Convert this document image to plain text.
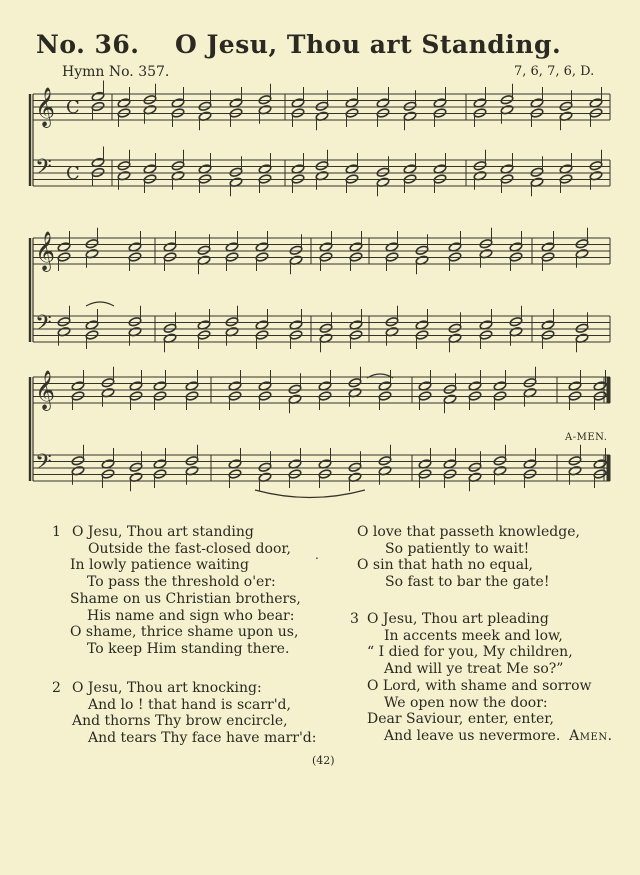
No. 36. O Jesu, Thou art Standing.
Hymn No. 357.	7, 6, 7, 6, D.
𝄞
𝄢
C
C
𝄞
𝄢
𝄞
𝄢
A-MEN.
1 O Jesu, Thou art standing
Outside the fast-closed door,
In lowly patience waiting
To pass the threshold o'er:
Shame on us Christian brothers,
His name and sign who bear:
O shame, thrice shame upon us,
To keep Him standing there.
.
O love that passeth knowledge,
So patiently to wait!
O sin that hath no equal,
So fast to bar the gate!
2 O Jesu, Thou art knocking:
And lo ! that hand is scarr'd,
And thorns Thy brow encircle,
And tears Thy face have marr'd:
3 O Jesu, Thou art pleading
In accents meek and low,
“ I died for you, My children,
And will ye treat Me so?”
O Lord, with shame and sorrow
We open now the door:
Dear Saviour, enter, enter,
And leave us nevermore. Amen.
(42)
